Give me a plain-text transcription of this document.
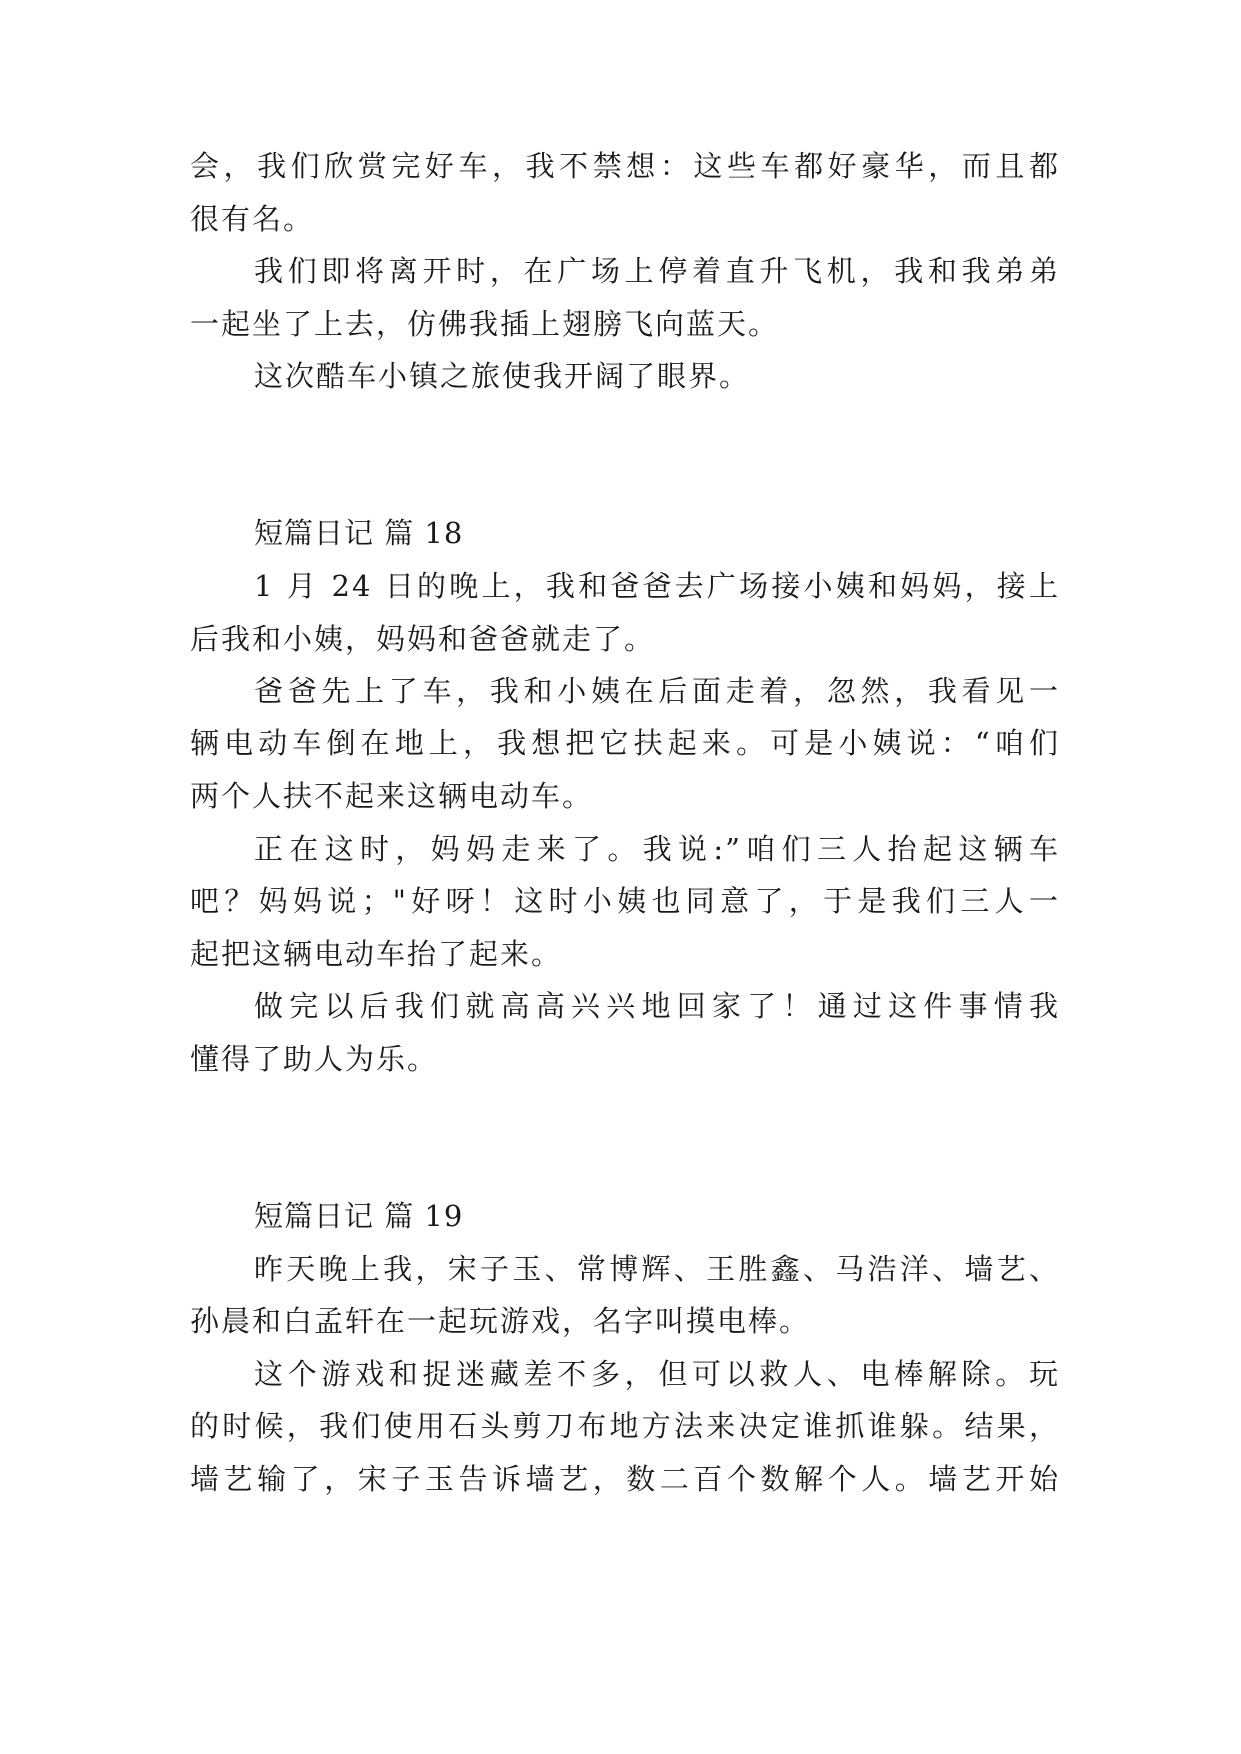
会，我们欣赏完好车，我不禁想：这些车都好豪华，而且都
很有名。
我们即将离开时，在广场上停着直升飞机，我和我弟弟
一起坐了上去，仿佛我插上翅膀飞向蓝天。
这次酷车小镇之旅使我开阔了眼界。
短篇日记 篇 18
1 月 24 日的晚上，我和爸爸去广场接小姨和妈妈，接上
后我和小姨，妈妈和爸爸就走了。
爸爸先上了车，我和小姨在后面走着，忽然，我看见一
辆电动车倒在地上，我想把它扶起来。可是小姨说：“咱们
两个人扶不起来这辆电动车。
正在这时，妈妈走来了。我说:”咱们三人抬起这辆车
吧？妈妈说；"好呀！这时小姨也同意了，于是我们三人一
起把这辆电动车抬了起来。
做完以后我们就高高兴兴地回家了！通过这件事情我
懂得了助人为乐。
短篇日记 篇 19
昨天晚上我，宋子玉、常博辉、王胜鑫、马浩洋、墙艺、
孙晨和白孟轩在一起玩游戏，名字叫摸电棒。
这个游戏和捉迷藏差不多，但可以救人、电棒解除。玩
的时候，我们使用石头剪刀布地方法来决定谁抓谁躲。结果，
墙艺输了，宋子玉告诉墙艺，数二百个数解个人。墙艺开始
